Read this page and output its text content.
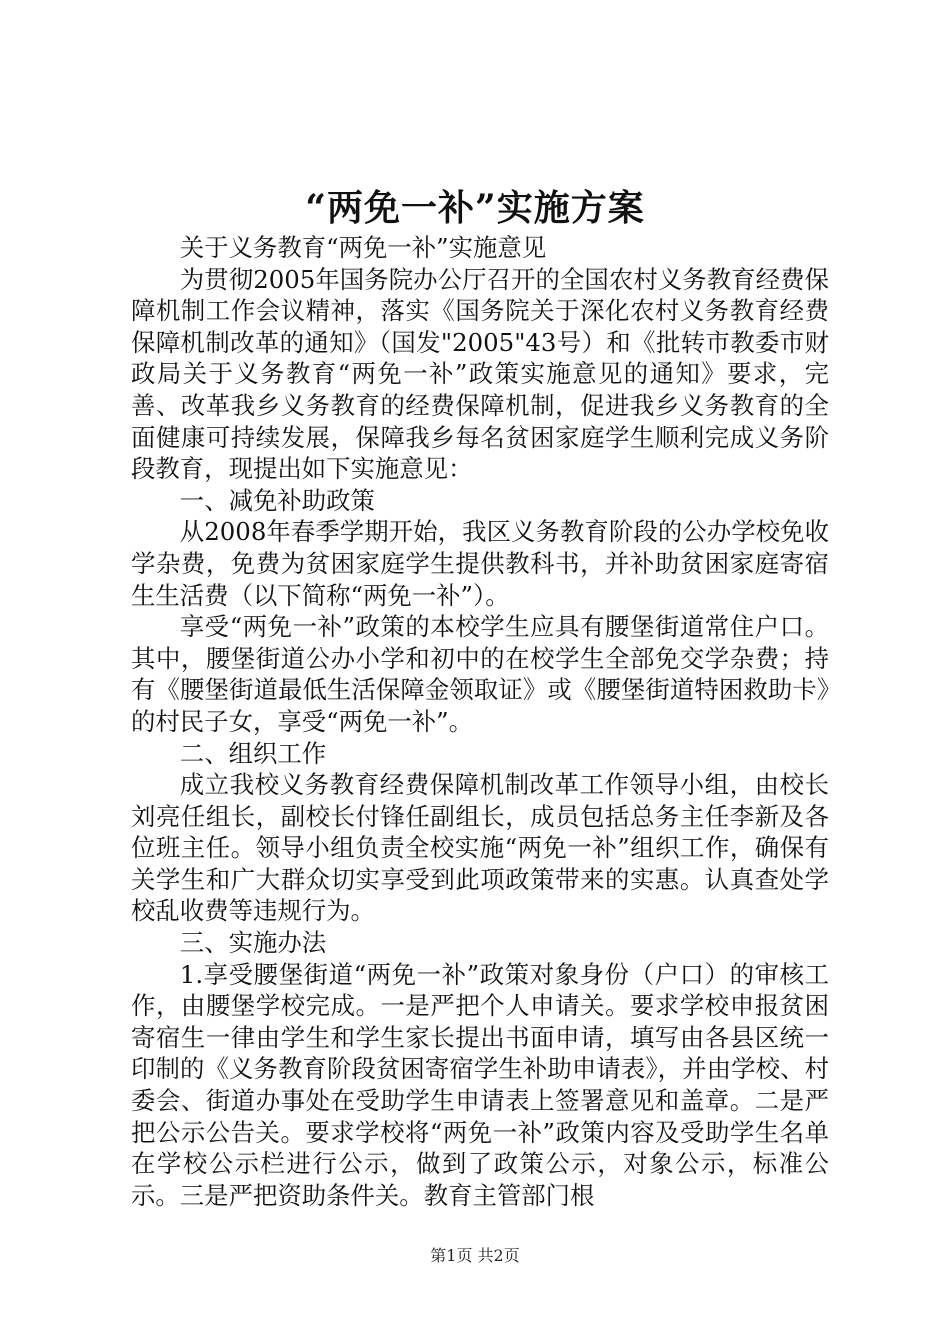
“两免一补”实施方案

关于义务教育“两免一补”实施意见

为贯彻2005年国务院办公厅召开的全国农村义务教育经费保障机制工作会议精神，落实《国务院关于深化农村义务教育经费保障机制改革的通知》（国发"2005"43号）和《批转市教委市财政局关于义务教育“两免一补”政策实施意见的通知》要求，完善、改革我乡义务教育的经费保障机制，促进我乡义务教育的全面健康可持续发展，保障我乡每名贫困家庭学生顺利完成义务阶段教育，现提出如下实施意见：

一、减免补助政策

从2008年春季学期开始，我区义务教育阶段的公办学校免收学杂费，免费为贫困家庭学生提供教科书，并补助贫困家庭寄宿生生活费（以下简称“两免一补”）。

享受“两免一补”政策的本校学生应具有腰堡街道常住户口。其中，腰堡街道公办小学和初中的在校学生全部免交学杂费；持有《腰堡街道最低生活保障金领取证》或《腰堡街道特困救助卡》的村民子女，享受“两免一补”。

二、组织工作

成立我校义务教育经费保障机制改革工作领导小组，由校长刘亮任组长，副校长付锋任副组长，成员包括总务主任李新及各位班主任。领导小组负责全校实施“两免一补”组织工作，确保有关学生和广大群众切实享受到此项政策带来的实惠。认真查处学校乱收费等违规行为。

三、实施办法

1.享受腰堡街道“两免一补”政策对象身份（户口）的审核工作，由腰堡学校完成。一是严把个人申请关。要求学校申报贫困寄宿生一律由学生和学生家长提出书面申请，填写由各县区统一印制的《义务教育阶段贫困寄宿学生补助申请表》，并由学校、村委会、街道办事处在受助学生申请表上签署意见和盖章。二是严把公示公告关。要求学校将“两免一补”政策内容及受助学生名单在学校公示栏进行公示，做到了政策公示，对象公示，标准公示。三是严把资助条件关。教育主管部门根

第1页 共2页
